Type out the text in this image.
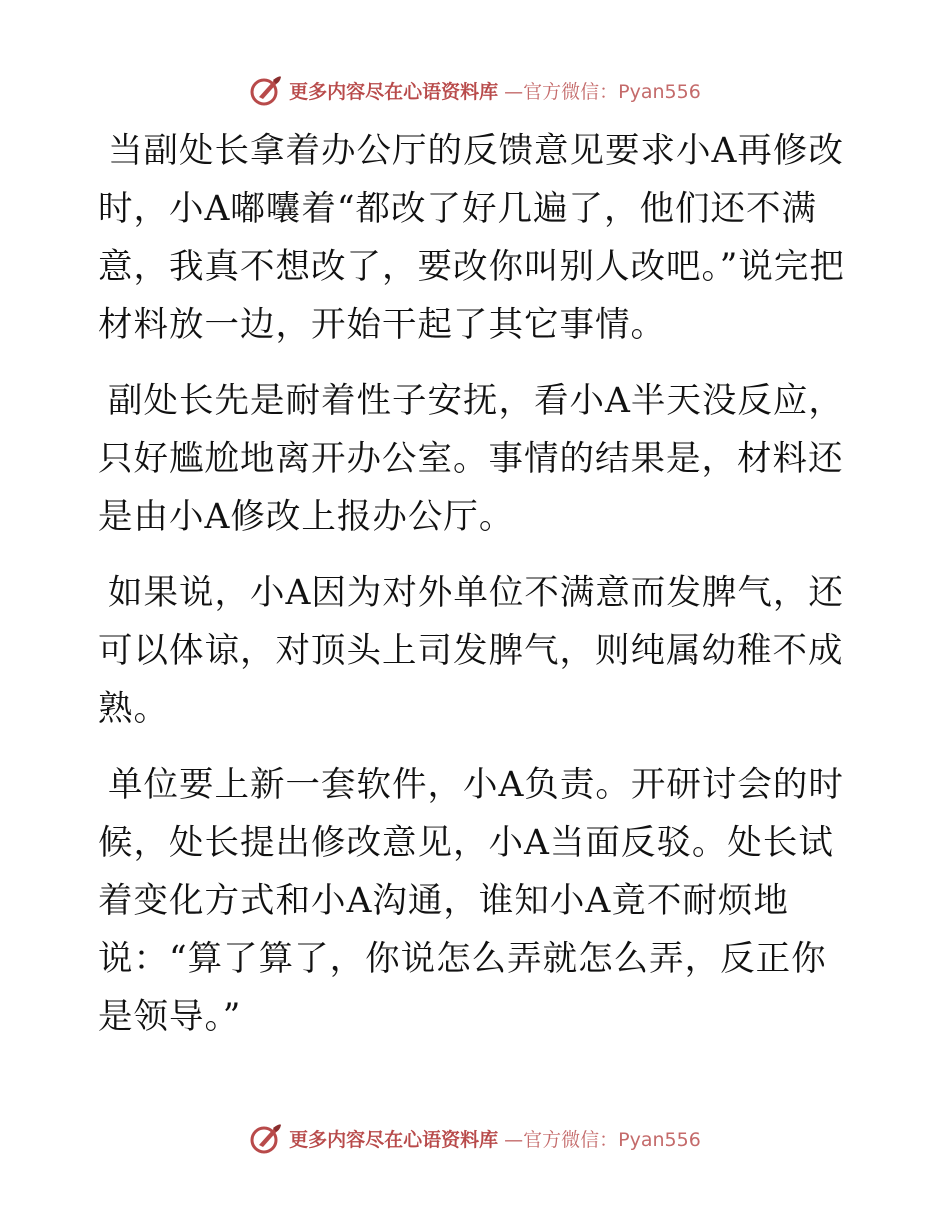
更多内容尽在心语资料库 —官方微信：Pyan556

当副处长拿着办公厅的反馈意见要求小A再修改时，小A嘟囔着“都改了好几遍了，他们还不满意，我真不想改了，要改你叫别人改吧。”说完把材料放一边，开始干起了其它事情。

副处长先是耐着性子安抚，看小A半天没反应，只好尴尬地离开办公室。事情的结果是，材料还是由小A修改上报办公厅。

如果说，小A因为对外单位不满意而发脾气，还可以体谅，对顶头上司发脾气，则纯属幼稚不成熟。

单位要上新一套软件，小A负责。开研讨会的时候，处长提出修改意见，小A当面反驳。处长试着变化方式和小A沟通，谁知小A竟不耐烦地说：“算了算了，你说怎么弄就怎么弄，反正你是领导。”

更多内容尽在心语资料库 —官方微信：Pyan556
